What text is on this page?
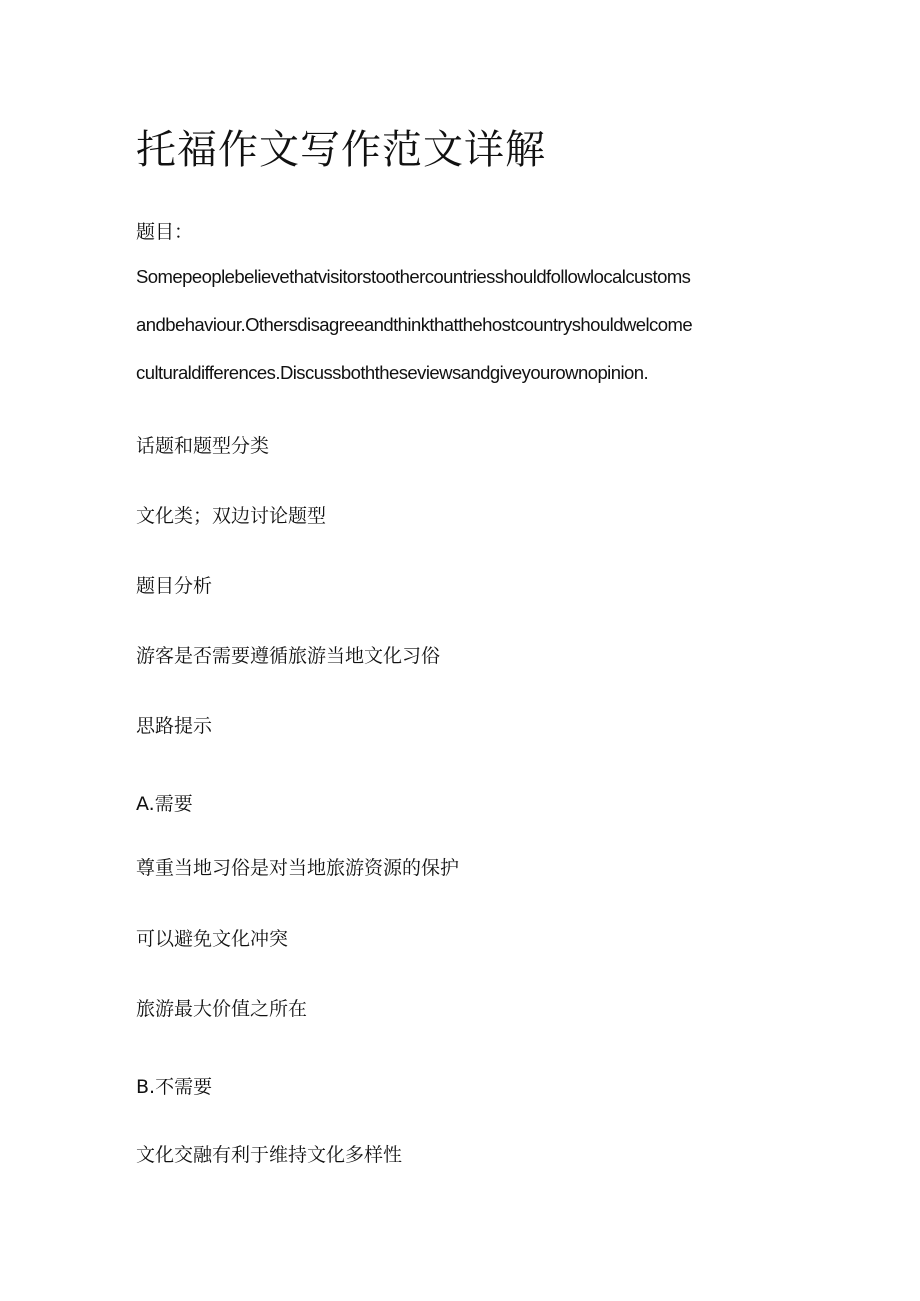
托福作文写作范文详解

题目：

Somepeoplebelievethatvisitorstoothercountriesshouldfollowlocalcustoms

andbehaviour.Othersdisagreeandthinkthatthehostcountryshouldwelcome

culturaldifferences.Discussboththeseviewsandgiveyourownopinion.

话题和题型分类

文化类；双边讨论题型

题目分析

游客是否需要遵循旅游当地文化习俗

思路提示

A.需要

尊重当地习俗是对当地旅游资源的保护

可以避免文化冲突

旅游最大价值之所在

B.不需要

文化交融有利于维持文化多样性
